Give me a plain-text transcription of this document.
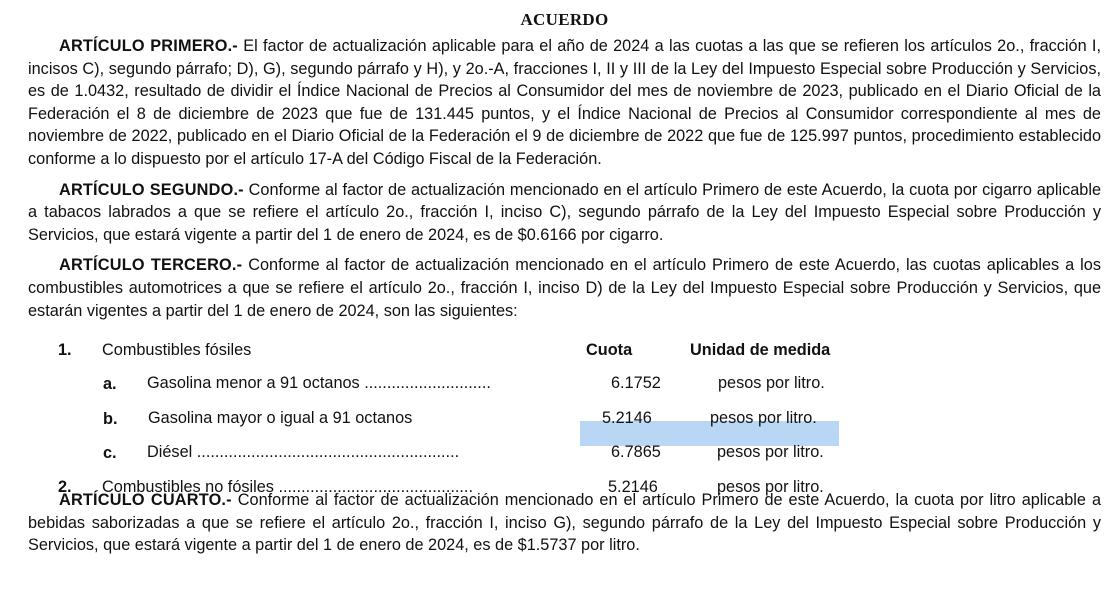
ACUERDO

ARTÍCULO PRIMERO.- El factor de actualización aplicable para el año de 2024 a las cuotas a las que se refieren los artículos 2o., fracción I, incisos C), segundo párrafo; D), G), segundo párrafo y H), y 2o.-A, fracciones I, II y III de la Ley del Impuesto Especial sobre Producción y Servicios, es de 1.0432, resultado de dividir el Índice Nacional de Precios al Consumidor del mes de noviembre de 2023, publicado en el Diario Oficial de la Federación el 8 de diciembre de 2023 que fue de 131.445 puntos, y el Índice Nacional de Precios al Consumidor correspondiente al mes de noviembre de 2022, publicado en el Diario Oficial de la Federación el 9 de diciembre de 2022 que fue de 125.997 puntos, procedimiento establecido conforme a lo dispuesto por el artículo 17-A del Código Fiscal de la Federación.

ARTÍCULO SEGUNDO.- Conforme al factor de actualización mencionado en el artículo Primero de este Acuerdo, la cuota por cigarro aplicable a tabacos labrados a que se refiere el artículo 2o., fracción I, inciso C), segundo párrafo de la Ley del Impuesto Especial sobre Producción y Servicios, que estará vigente a partir del 1 de enero de 2024, es de $0.6166 por cigarro.

ARTÍCULO TERCERO.- Conforme al factor de actualización mencionado en el artículo Primero de este Acuerdo, las cuotas aplicables a los combustibles automotrices a que se refiere el artículo 2o., fracción I, inciso D) de la Ley del Impuesto Especial sobre Producción y Servicios, que estarán vigentes a partir del 1 de enero de 2024, son las siguientes:

1. Combustibles fósiles	Cuota	Unidad de medida
a. Gasolina menor a 91 octanos ............................	6.1752	pesos por litro.
b. Gasolina mayor o igual a 91 octanos	5.2146	pesos por litro.
c. Diésel ..........................................................	6.7865	pesos por litro.
2. Combustibles no fósiles ...........................................	5.2146	pesos por litro.

ARTÍCULO CUARTO.- Conforme al factor de actualización mencionado en el artículo Primero de este Acuerdo, la cuota por litro aplicable a bebidas saborizadas a que se refiere el artículo 2o., fracción I, inciso G), segundo párrafo de la Ley del Impuesto Especial sobre Producción y Servicios, que estará vigente a partir del 1 de enero de 2024, es de $1.5737 por litro.
